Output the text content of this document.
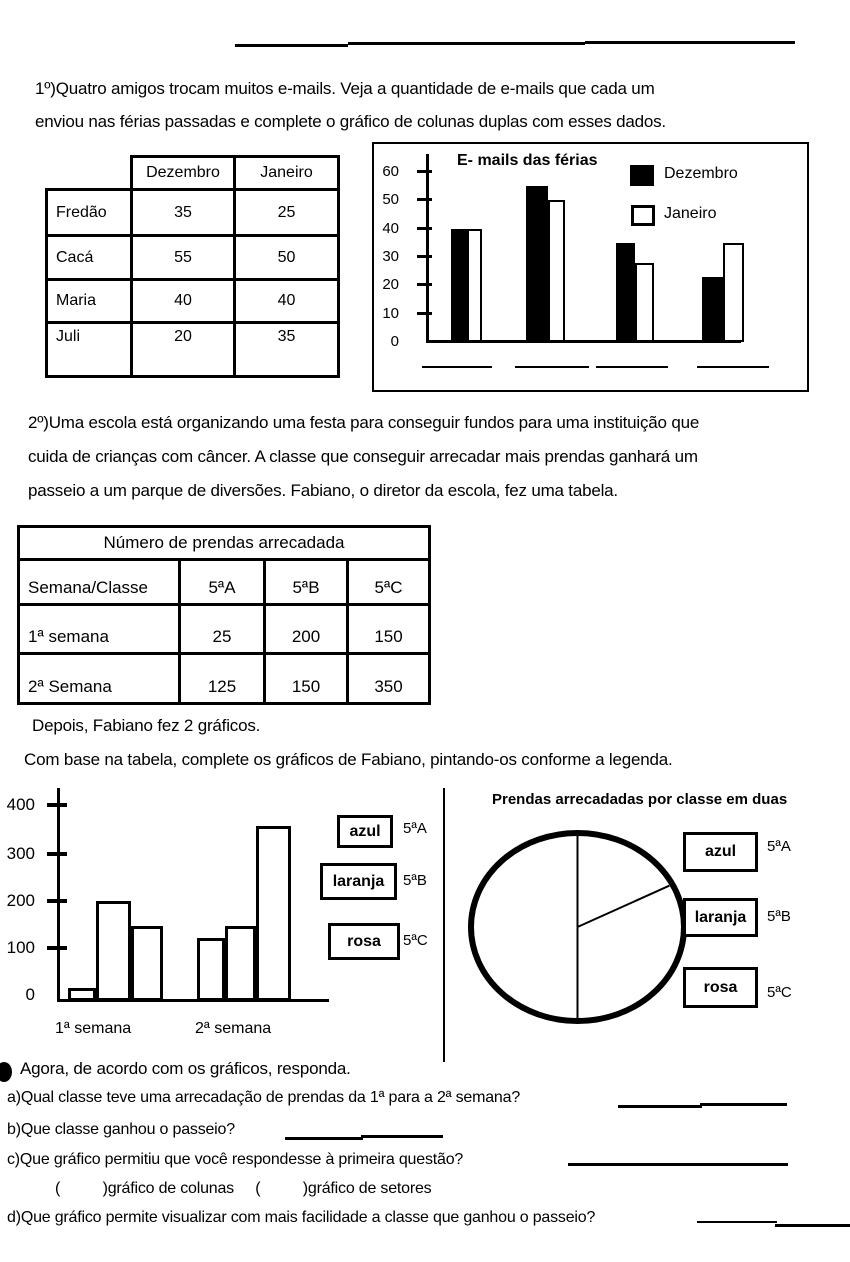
1º)Quatro amigos trocam muitos e-mails. Veja a quantidade de e-mails que cada um
enviou nas férias passadas e complete o gráfico de colunas duplas com esses dados.
	Dezembro	Janeiro
Fredão	35	25
Cacá	55	50
Maria	40	40
Juli	20	35
E- mails das férias
60
50
40
30
20
10
0
Dezembro
Janeiro
2º)Uma escola está organizando uma festa para conseguir fundos para uma instituição que
cuida de crianças com câncer. A classe que conseguir arrecadar mais prendas ganhará um
passeio a um parque de diversões. Fabiano, o diretor da escola, fez uma tabela.
Número de prendas arrecadada			
Semana/Classe	5ªA	5ªB	5ªC
1ª semana	25	200	150
2ª Semana	125	150	350
Depois, Fabiano fez 2 gráficos.
Com base na tabela, complete os gráficos de Fabiano, pintando-os conforme a legenda.
400
300
200
100
0
1ª semana	2ª semana
azul	5ªA
laranja	5ªB
rosa	5ªC
Prendas arrecadadas por classe em duas
azul	5ªA
laranja	5ªB
rosa	5ªC
Agora, de acordo com os gráficos, responda.
a)Qual classe teve uma arrecadação de prendas da 1ª para a 2ª semana?
b)Que classe ganhou o passeio?
c)Que gráfico permitiu que você respondesse à primeira questão?
(          )gráfico de colunas     (          )gráfico de setores
d)Que gráfico permite visualizar com mais facilidade a classe que ganhou o passeio?
